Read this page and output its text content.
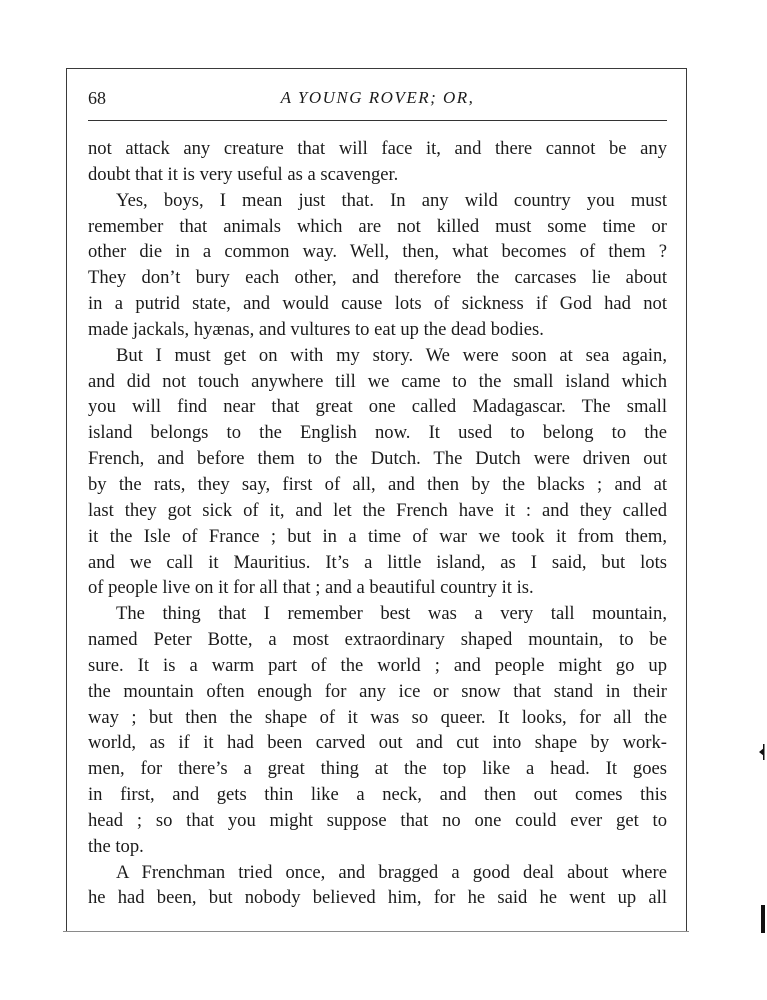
68	A YOUNG ROVER; OR,
not attack any creature that will face it, and there cannot be any
doubt that it is very useful as a scavenger.
Yes, boys, I mean just that. In any wild country you must
remember that animals which are not killed must some time or
other die in a common way. Well, then, what becomes of them ?
They don’t bury each other, and therefore the carcases lie about
in a putrid state, and would cause lots of sickness if God had not
made jackals, hyænas, and vultures to eat up the dead bodies.
But I must get on with my story. We were soon at sea again,
and did not touch anywhere till we came to the small island which
you will find near that great one called Madagascar. The small
island belongs to the English now. It used to belong to the
French, and before them to the Dutch. The Dutch were driven out
by the rats, they say, first of all, and then by the blacks ; and at
last they got sick of it, and let the French have it : and they called
it the Isle of France ; but in a time of war we took it from them,
and we call it Mauritius. It’s a little island, as I said, but lots
of people live on it for all that ; and a beautiful country it is.
The thing that I remember best was a very tall mountain,
named Peter Botte, a most extraordinary shaped mountain, to be
sure. It is a warm part of the world ; and people might go up
the mountain often enough for any ice or snow that stand in their
way ; but then the shape of it was so queer. It looks, for all the
world, as if it had been carved out and cut into shape by work-
men, for there’s a great thing at the top like a head. It goes
in first, and gets thin like a neck, and then out comes this
head ; so that you might suppose that no one could ever get to
the top.
A Frenchman tried once, and bragged a good deal about where
he had been, but nobody believed him, for he said he went up all
